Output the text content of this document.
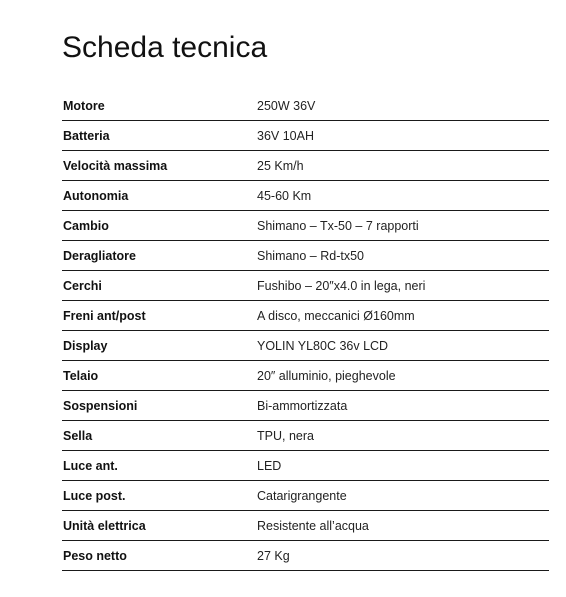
Scheda tecnica
Motore	250W 36V
Batteria	36V 10AH
Velocità massima	25 Km/h
Autonomia	45-60 Km
Cambio	Shimano – Tx-50 – 7 rapporti
Deragliatore	Shimano – Rd-tx50
Cerchi	Fushibo – 20″x4.0 in lega, neri
Freni ant/post	A disco, meccanici Ø160mm
Display	YOLIN YL80C 36v LCD
Telaio	20″ alluminio, pieghevole
Sospensioni	Bi-ammortizzata
Sella	TPU, nera
Luce ant.	LED
Luce post.	Catarigrangente
Unità elettrica	Resistente all’acqua
Peso netto	27 Kg
